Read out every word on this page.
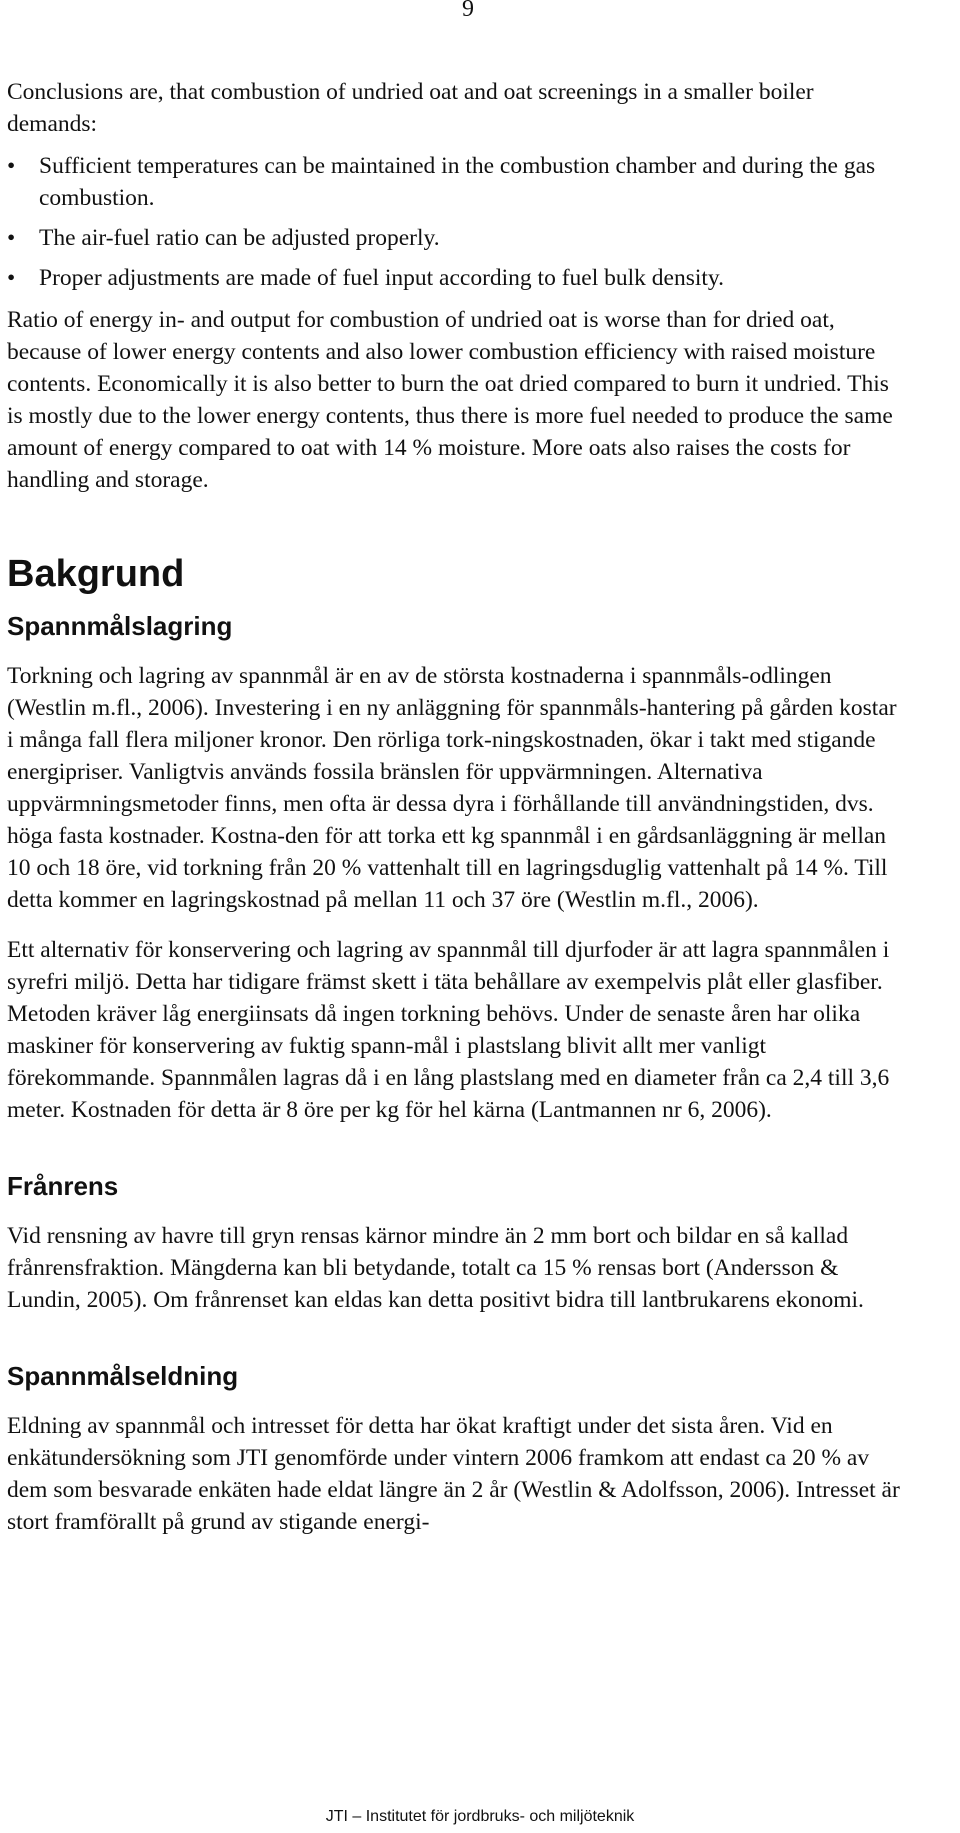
9

Conclusions are, that combustion of undried oat and oat screenings in a smaller boiler demands:

• Sufficient temperatures can be maintained in the combustion chamber and during the gas combustion.
• The air-fuel ratio can be adjusted properly.
• Proper adjustments are made of fuel input according to fuel bulk density.

Ratio of energy in- and output for combustion of undried oat is worse than for dried oat, because of lower energy contents and also lower combustion efficiency with raised moisture contents. Economically it is also better to burn the oat dried compared to burn it undried. This is mostly due to the lower energy contents, thus there is more fuel needed to produce the same amount of energy compared to oat with 14 % moisture. More oats also raises the costs for handling and storage.

Bakgrund
Spannmålslagring

Torkning och lagring av spannmål är en av de största kostnaderna i spannmåls-odlingen (Westlin m.fl., 2006). Investering i en ny anläggning för spannmåls-hantering på gården kostar i många fall flera miljoner kronor. Den rörliga tork-ningskostnaden, ökar i takt med stigande energipriser. Vanligtvis används fossila bränslen för uppvärmningen. Alternativa uppvärmningsmetoder finns, men ofta är dessa dyra i förhållande till användningstiden, dvs. höga fasta kostnader. Kostna-den för att torka ett kg spannmål i en gårdsanläggning är mellan 10 och 18 öre, vid torkning från 20 % vattenhalt till en lagringsduglig vattenhalt på 14 %. Till detta kommer en lagringskostnad på mellan 11 och 37 öre (Westlin m.fl., 2006).

Ett alternativ för konservering och lagring av spannmål till djurfoder är att lagra spannmålen i syrefri miljö. Detta har tidigare främst skett i täta behållare av exempelvis plåt eller glasfiber. Metoden kräver låg energiinsats då ingen torkning behövs. Under de senaste åren har olika maskiner för konservering av fuktig spann-mål i plastslang blivit allt mer vanligt förekommande. Spannmålen lagras då i en lång plastslang med en diameter från ca 2,4 till 3,6 meter. Kostnaden för detta är 8 öre per kg för hel kärna (Lantmannen nr 6, 2006).

Frånrens

Vid rensning av havre till gryn rensas kärnor mindre än 2 mm bort och bildar en så kallad frånrensfraktion. Mängderna kan bli betydande, totalt ca 15 % rensas bort (Andersson & Lundin, 2005). Om frånrenset kan eldas kan detta positivt bidra till lantbrukarens ekonomi.

Spannmålseldning

Eldning av spannmål och intresset för detta har ökat kraftigt under det sista åren. Vid en enkätundersökning som JTI genomförde under vintern 2006 framkom att endast ca 20 % av dem som besvarade enkäten hade eldat längre än 2 år (Westlin & Adolfsson, 2006). Intresset är stort framförallt på grund av stigande energi-

JTI – Institutet för jordbruks- och miljöteknik
